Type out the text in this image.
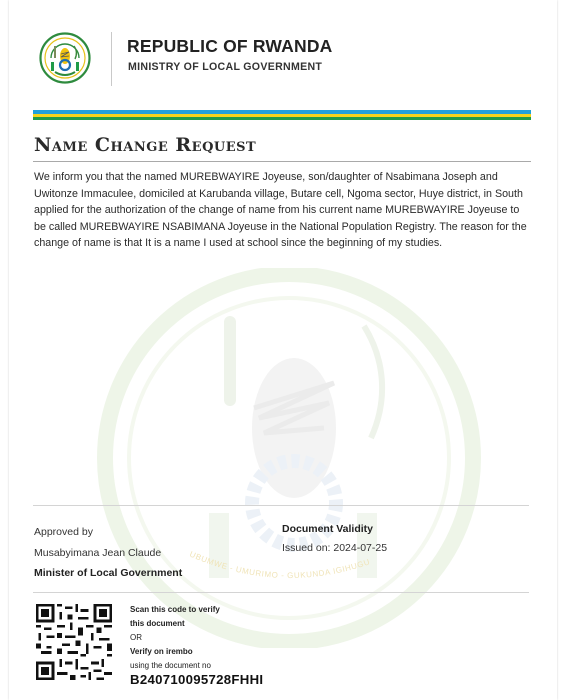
REPUBLIC OF RWANDA
MINISTRY OF LOCAL GOVERNMENT
Name Change Request

We inform you that the named MUREBWAYIRE Joyeuse, son/daughter of Nsabimana Joseph and Uwitonze Immaculee, domiciled at Karubanda village, Butare cell, Ngoma sector, Huye district, in South applied for the authorization of the change of name from his current name MUREBWAYIRE Joyeuse to be called MUREBWAYIRE NSABIMANA Joyeuse in the National Population Registry. The reason for the change of name is that It is a name I used at school since the beginning of my studies.

Approved by
Musabyimana Jean Claude
Minister of Local Government
Document Validity
Issued on: 2024-07-25
UBUMWE - UMURIMO - GUKUNDA IGIHUGU
Scan this code to verify
this document
OR
Verify on irembo
using the document no
B240710095728FHHI
